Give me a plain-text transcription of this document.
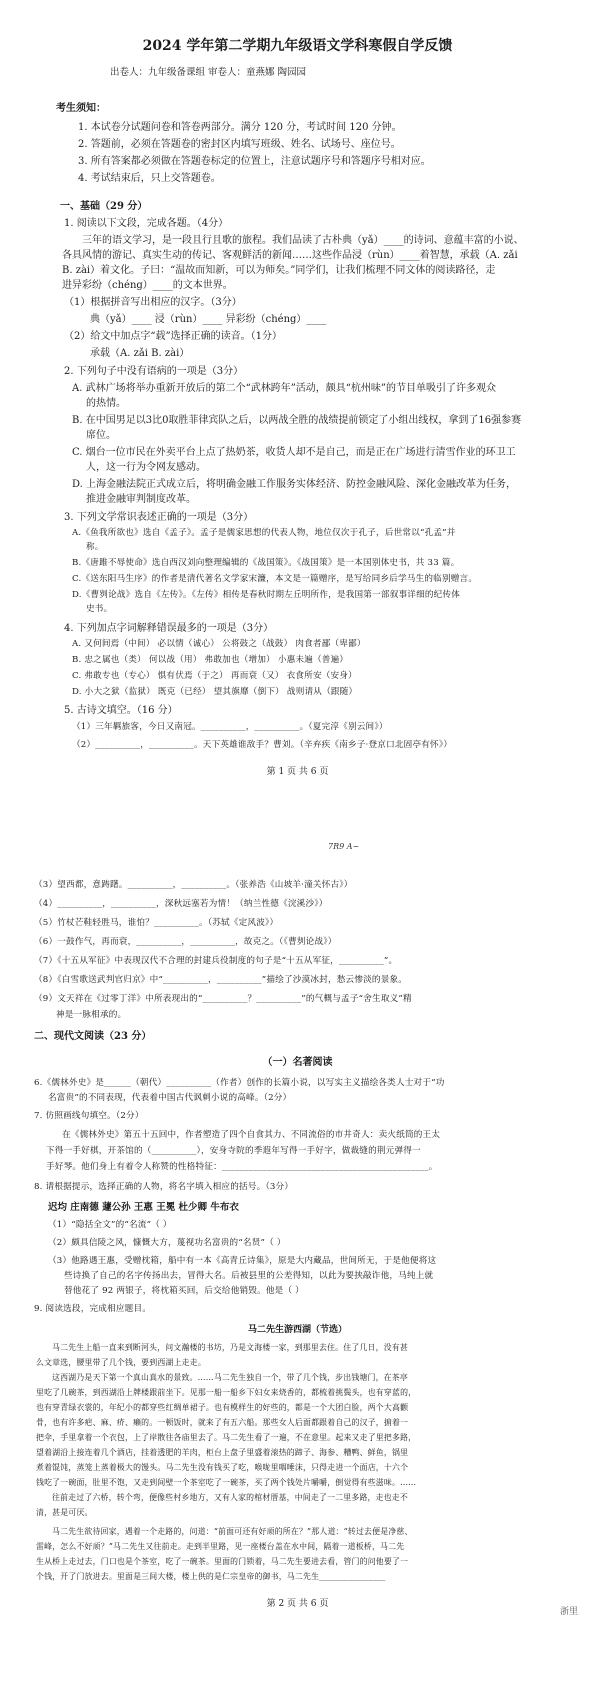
2024 学年第二学期九年级语文学科寒假自学反馈
出卷人：九年级备课组 审卷人：童燕娜 陶园园
考生须知：
1. 本试卷分试题问卷和答卷两部分。满分 120 分，考试时间 120 分钟。
2. 答题前，必须在答题卷的密封区内填写班级、姓名、试场号、座位号。
3. 所有答案都必须做在答题卷标定的位置上，注意试题序号和答题序号相对应。
4. 考试结束后，只上交答题卷。
一、基础（29 分）
1. 阅读以下文段，完成各题。（4分）
三年的语文学习，是一段且行且歌的旅程。我们品读了古朴典（yǎ）____的诗词、意蕴丰富的小说、
各具风情的游记、真实生动的传记、客观鲜活的新闻……这些作品浸（rùn）____着智慧，承载（A. zǎi
B. zài）着文化。子曰：“温故而知新，可以为师矣。”同学们，让我们梳理不同文体的阅读路径，走
进异彩纷（chéng）____的文本世界。
（1）根据拼音写出相应的汉字。（3分）
典（yǎ）____ 浸（rùn）____ 异彩纷（chéng）____
（2）给文中加点字“载”选择正确的读音。（1分）
承载（A. zǎi B. zài）
2. 下列句子中没有语病的一项是（3分）
A. 武林广场将举办重新开放后的第二个“武林跨年”活动，颇具“杭州味”的节目单吸引了许多观众
的热情。
B. 在中国男足以3比0取胜菲律宾队之后，以两战全胜的战绩提前锁定了小组出线权，拿到了16强参赛
席位。
C. 烟台一位市民在外卖平台上点了热奶茶，收货人却不是自己，而是正在广场进行清雪作业的环卫工
人，这一行为令网友感动。
D. 上海金融法院正式成立后，将明确金融工作服务实体经济、防控金融风险、深化金融改革为任务，
推进金融审判制度改革。
3. 下列文学常识表述正确的一项是（3分）
A.《鱼我所欲也》选自《孟子》。孟子是儒家思想的代表人物，地位仅次于孔子，后世常以“孔孟”并
称。
B.《唐雎不辱使命》选自西汉刘向整理编辑的《战国策》。《战国策》是一本国别体史书，共 33 篇。
C.《送东阳马生序》的作者是清代著名文学家宋濂，本文是一篇赠序，是写给同乡后学马生的临别赠言。
D.《曹刿论战》选自《左传》。《左传》相传是春秋时期左丘明所作，是我国第一部叙事详细的纪传体
史书。
4. 下列加点字词解释错误最多的一项是（3分）
A. 又何间焉（中间） 必以情（诚心） 公将鼓之（战鼓） 肉食者鄙（卑鄙）
B. 忠之属也（类） 何以战（用） 弗敢加也（增加） 小惠未遍（普遍）
C. 弗敢专也（专心） 惧有伏焉（于之） 再而衰（又） 衣食所安（安身）
D. 小大之狱（监狱） 既克（已经） 望其旗靡（倒下） 战则请从（跟随）
5. 古诗文填空。（16 分）
（1）三年羁旅客，今日又南冠。__________，__________。（夏完淳《别云间》）
（2）__________，__________。天下英雄谁敌手？曹刘。（辛弃疾《南乡子·登京口北固亭有怀》）
第 1 页 共 6 页
7R9 A~
（3）望西都，意踌躇。__________，__________。（张养浩《山坡羊·潼关怀古》）
（4）__________，__________，深秋远塞若为情！（纳兰性德《浣溪沙》）
（5）竹杖芒鞋轻胜马，谁怕？__________。（苏轼《定风波》）
（6）一鼓作气，再而衰，__________，__________，故克之。（《曹刿论战》）
（7）《十五从军征》中表现汉代不合理的封建兵役制度的句子是“十五从军征，__________”。
（8）《白雪歌送武判官归京》中“__________，__________”描绘了沙漠冰封，愁云惨淡的景象。
（9）文天祥在《过零丁洋》中所表现出的“__________？__________”的气概与孟子“舍生取义”精
神是一脉相承的。
二、现代文阅读（23 分）
（一）名著阅读
6.《儒林外史》是______（朝代）__________（作者）创作的长篇小说，以写实主义描绘各类人士对于“功
名富贵”的不同表现，代表着中国古代讽刺小说的高峰。（2分）
7. 仿照画线句填空。（2分）
在《儒林外史》第五十五回中，作者塑造了四个自食其力、不同流俗的市井奇人：卖火纸筒的王太
下得一手好棋，开茶馆的（__________），安身寺院的季遐年写得一手好字，做裁缝的荆元弹得一
手好琴。他们身上有着令人称赞的性格特征：______________________________________________。
8. 请根据提示，选择正确的人物，将名字填入相应的括号。（3分）
迟均 庄南德 蘧公孙 王惠 王冕 杜少卿 牛布衣
（1）“隐括全文”的“名流”（ ）
（2）颇具信陵之风，慷慨大方，蔑视功名富贵的“名贤”（ ）
（3）他路遇王惠，受赠枕箱，船中有一本《高青丘诗集》，原是大内藏品，世间所无，于是他便将这
些诗换了自己的名字传扬出去，冒得大名。后被县里的公差得知，以此为要挟敲诈他，马纯上就
替他花了 92 两银子，将枕箱买回，后交给他销毁。他是（ ）
9. 阅读选段，完成相应题目。
马二先生游西湖（节选）
马二先生上船一直来到断河头，问文瀚楼的书坊，乃是文海楼一家，到那里去住。住了几日，没有甚
么文章选，腰里带了几个钱，要到西湖上走走。
这西湖乃是天下第一个真山真水的景致。……马二先生独自一个，带了几个钱，步出钱塘门，在茶亭
里吃了几碗茶，到西湖沿上牌楼跟前坐下。见那一船一船乡下妇女来烧香的，都梳着挑鬓头，也有穿蓝的，
也有穿青绿衣裳的，年纪小的都穿些红绸单裙子。也有模样生的好些的，都是一个大团白脸，两个大高颧
骨，也有许多疤、麻、疥、癞的。一顿饭时，就来了有五六船。那些女人后面都跟着自己的汉子，掮着一
把伞，手里拿着一个衣包，上了岸散往各庙里去了。马二先生看了一遍，不在意里。起来又走了里把多路，
望着湖沿上接连着几个酒店，挂着透肥的羊肉，柜台上盘子里盛着滚热的蹄子、海参、糟鸭、鲜鱼，锅里
煮着馄饨，蒸笼上蒸着极大的馒头。马二先生没有钱买了吃，喉咙里咽唾沫，只得走进一个面店，十六个
钱吃了一碗面，肚里不饱，又走到间壁一个茶室吃了一碗茶，买了两个钱处片嚼嚼，倒觉得有些滋味。……
往前走过了六桥，转个弯，便像些村乡地方，又有人家的棺材厝基，中间走了一二里多路，走也走不
清，甚是可厌。
马二先生欲待回家，遇着一个走路的，问道：“前面可还有好顽的所在？”那人道：“转过去便是净慈、
雷峰，怎么不好顽？”马二先生又往前走。走到半里路，见一座楼台盖在水中间，隔着一道板桥，马二先
生从桥上走过去，门口也是个茶室，吃了一碗茶。里面的门锁着，马二先生要进去看，管门的问他要了一
个钱，开了门放进去。里面是三间大楼，楼上供的是仁宗皇帝的御书，马二先生________________
第 2 页 共 6 页
浙里
